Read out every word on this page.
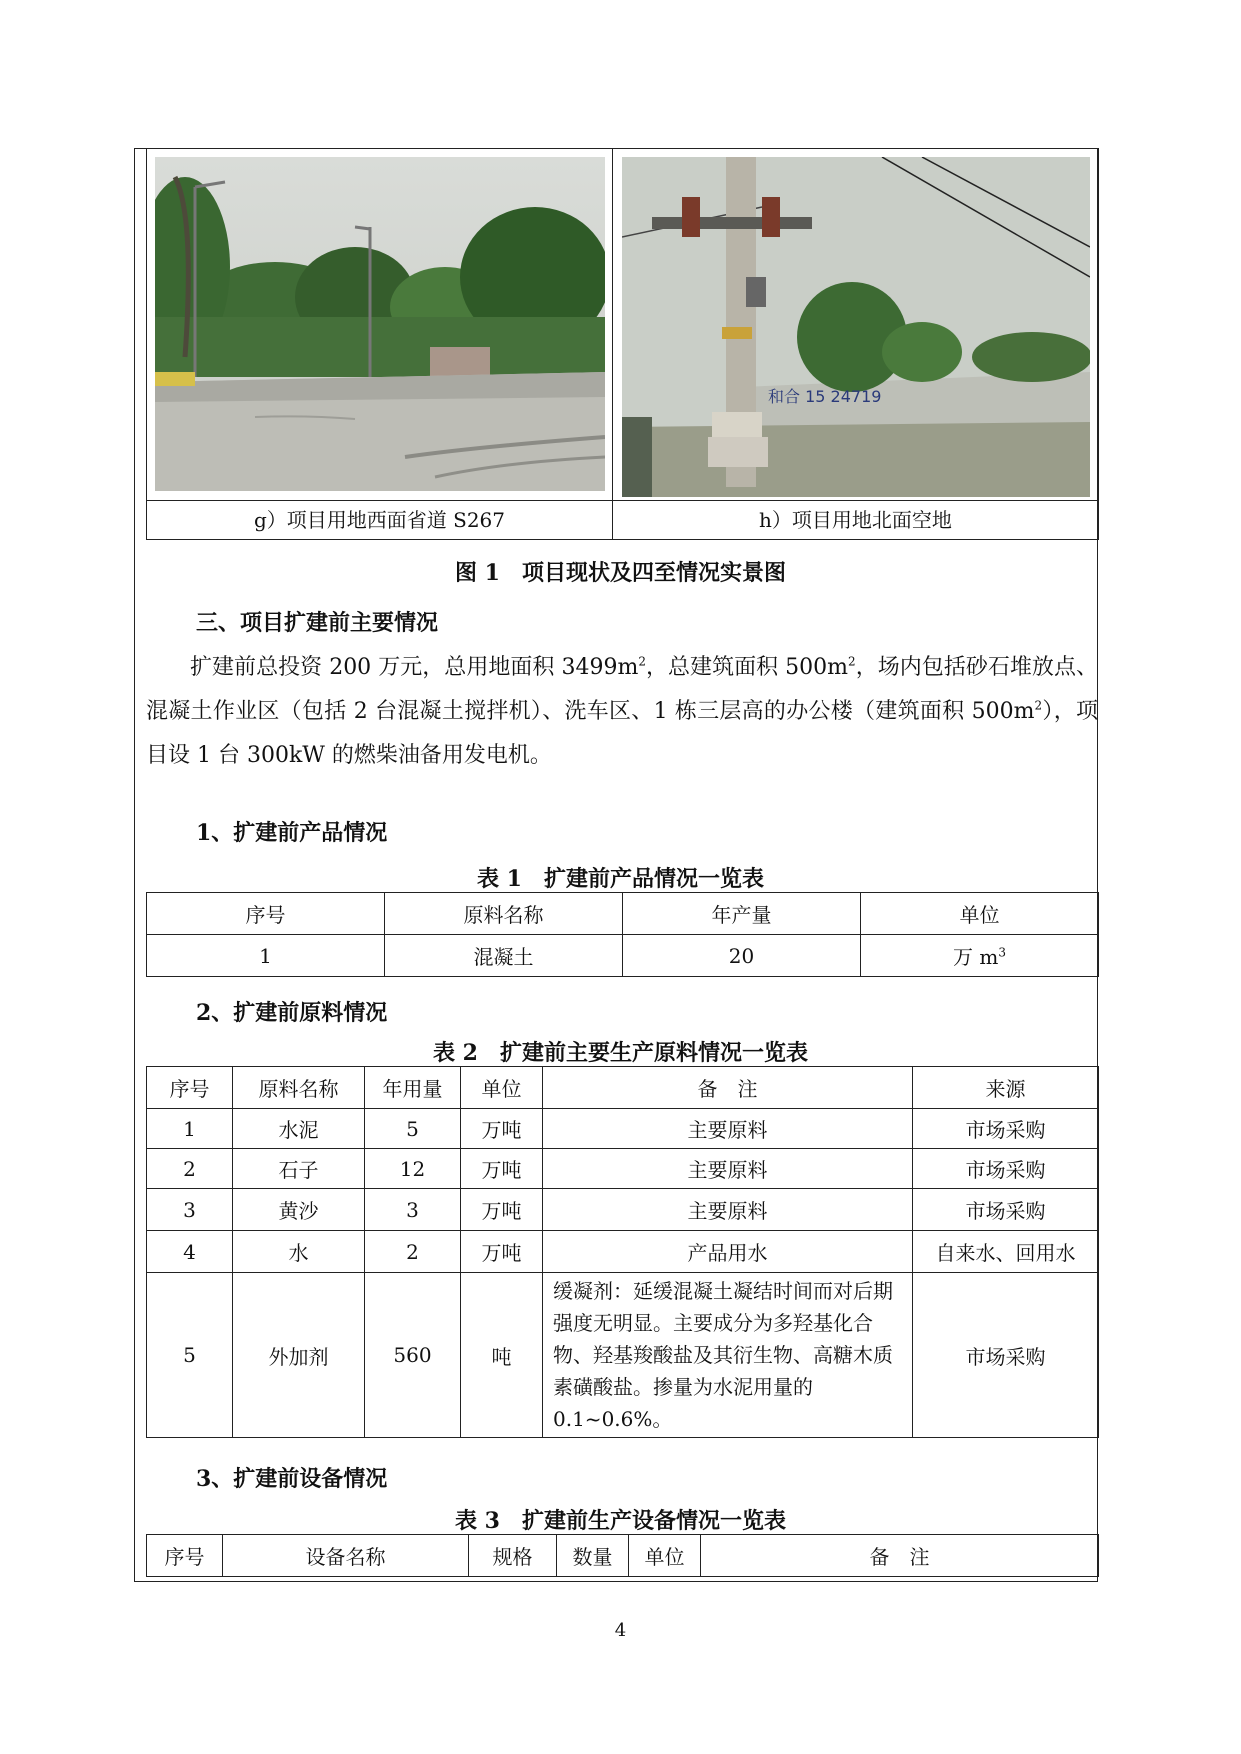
和合 15 24719

g）项目用地西面省道 S267	h）项目用地北面空地
图 1　项目现状及四至情况实景图
三、项目扩建前主要情况
扩建前总投资 200 万元，总用地面积 $3499m^2$，总建筑面积 $500m^2$，场内包括砂石堆放点、混凝土作业区（包括 2 台混凝土搅拌机）、洗车区、1 栋三层高的办公楼（建筑面积 $500m^2$），项目设 1 台 300kW 的燃柴油备用发电机。
1、扩建前产品情况
表 1　扩建前产品情况一览表
序号	原料名称	年产量	单位
1	混凝土	20	万 $m^3$
2、扩建前原料情况
表 2　扩建前主要生产原料情况一览表
序号	原料名称	年用量	单位	备　注	来源
1	水泥	5	万吨	主要原料	市场采购
2	石子	12	万吨	主要原料	市场采购
3	黄沙	3	万吨	主要原料	市场采购
4	水	2	万吨	产品用水	自来水、回用水
5	外加剂	560	吨	缓凝剂：延缓混凝土凝结时间而对后期强度无明显。主要成分为多羟基化合物、羟基羧酸盐及其衍生物、高糖木质素磺酸盐。掺量为水泥用量的0.1~0.6%。	市场采购
3、扩建前设备情况
表 3　扩建前生产设备情况一览表
序号	设备名称	规格	数量	单位	备　注
4
